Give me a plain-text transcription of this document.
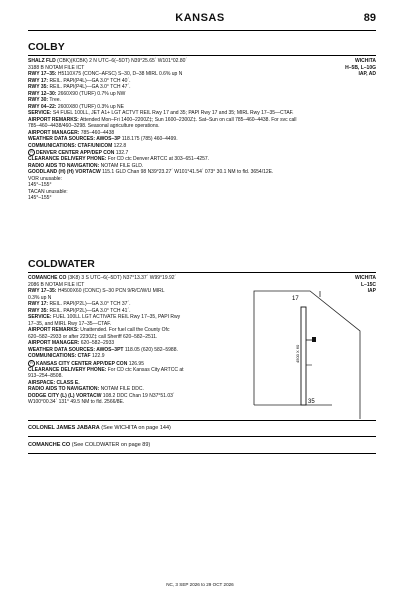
KANSAS	89
COLBY
SHALZ FLD (CBK)(KCBK) 2 N UTC–6(–5DT) N39°25.65´ W101°02.80´
3188 B NOTAM FILE ICT
RWY 17–35: H5110X75 (CONC–AFSC) S–30, D–38 MIRL 0.6% up N
RWY 17: REIL. PAPI(P4L)—GA 3.0° TCH 40´.
RWY 35: REIL. PAPI(P4L)—GA 3.0° TCH 47´.
RWY 12–30: 2660X90 (TURF) 0.7% up NW
RWY 30: Tree.
RWY 04–22: 2600X80 (TURF) 0.3% up NE
SERVICE: S4 FUEL 100LL, JET A1+ LGT ACTVT REIL Rwy 17 and 35; PAPI Rwy 17 and 35; MIRL Rwy 17–35—CTAF.
AIRPORT REMARKS: Attended Mon–Fri 1400–2200Z‡; Sun 1600–2300Z‡. Sat–Sun on call 785–460–4438. For svc call
785–460–4438/460–3298. Seasonal agriculture operations.
AIRPORT MANAGER: 785–460–4438
WEATHER DATA SOURCES: AWOS–3P 118.175 (785) 460–4499.
COMMUNICATIONS: CTAF/UNICOM 122.8
R DENVER CENTER APP/DEP CON 132.7
CLEARANCE DELIVERY PHONE: For CD ctc Denver ARTCC at 303–651–4257.
RADIO AIDS TO NAVIGATION: NOTAM FILE GLD.
GOODLAND (H) (H) VORTACW 115.1 GLD Chan 98 N39°23.27´ W101°41.54´ 073° 30.1 NM to fld. 3654/12E.
VOR unusable:
145°–155°
TACAN unusable:
145°–155°
WICHITA
H–5B, L–10G
IAP, AD
COLDWATER
COMANCHE CO (3K8) 3 S UTC–6(–5DT) N37°13.37´ W99°19.92´
2086 B NOTAM FILE ICT
RWY 17–35: H4500X60 (CONC) S–30 PCN 9/R/C/W/U MIRL
0.3% up N
RWY 17: REIL. PAPI(P2L)—GA 3.0° TCH 37´.
RWY 35: REIL. PAPI(P2L)—GA 3.0° TCH 41´.
SERVICE: FUEL 100LL LGT ACTIVATE REIL Rwy 17–35, PAPI Rwy
17–35, and MIRL Rwy 17–35—CTAF.
AIRPORT REMARKS: Unattended. For fuel call the County Ofc
620–582–2933 or after 2230Z‡ call Sheriff 620–582–2511.
AIRPORT MANAGER: 620–582–2933
WEATHER DATA SOURCES: AWOS–3PT 118.05 (620) 582–5988.
COMMUNICATIONS: CTAF 122.9
R KANSAS CITY CENTER APP/DEP CON 126.95
CLEARANCE DELIVERY PHONE: For CD ctc Kansas City ARTCC at
913–254–8508.
AIRSPACE: CLASS E.
RADIO AIDS TO NAVIGATION: NOTAM FILE DDC.
DODGE CITY (L) (L) VORTACW 108.2 DDC Chan 19 N37°51.03´
W100°00.34´ 131° 49.5 NM to fld. 2566/8E.
WICHITA
L–15C
IAP
17
35
4500 X 60
COLONEL JAMES JABARA (See WICHITA on page 144)
COMANCHE CO (See COLDWATER on page 89)
NC, 3 SEP 2026 to 29 OCT 2026
